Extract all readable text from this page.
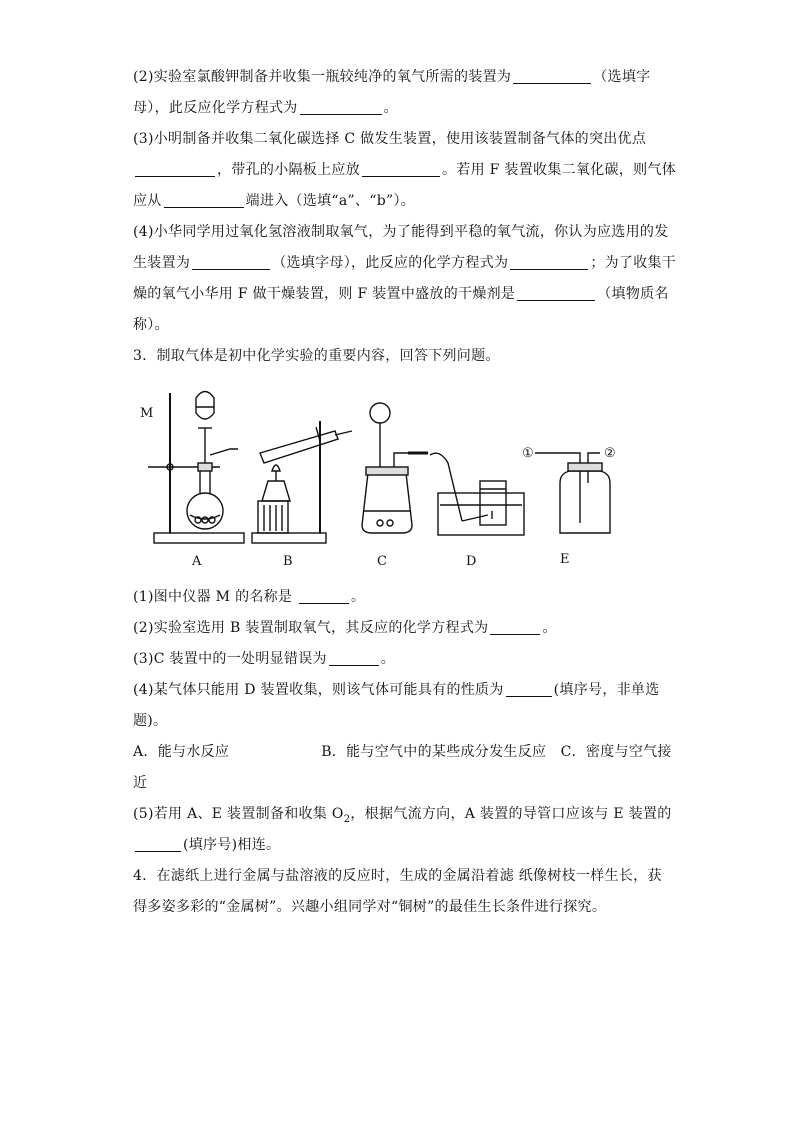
(2)实验室氯酸钾制备并收集一瓶较纯净的氧气所需的装置为	（选填字
母），此反应化学方程式为	。
(3)小明制备并收集二氧化碳选择 C 做发生装置，使用该装置制备气体的突出优点
，带孔的小隔板上应放	。若用 F 装置收集二氧化碳，则气体
应从	端进入（选填“a”、“b”）。
(4)小华同学用过氧化氢溶液制取氧气，为了能得到平稳的氧气流，你认为应选用的发
生装置为	（选填字母），此反应的化学方程式为	；为了收集干
燥的氧气小华用 F 做干燥装置，则 F 装置中盛放的干燥剂是	（填物质名
称）。
3．制取气体是初中化学实验的重要内容，回答下列问题。
M
A	B	C	D	E
①	②
(1)图中仪器 M 的名称是	。
(2)实验室选用 B 装置制取氧气，其反应的化学方程式为	。
(3)C 装置中的一处明显错误为	。
(4)某气体只能用 D 装置收集，则该气体可能具有的性质为	(填序号，非单选
题)。
A．能与水反应	B．能与空气中的某些成分发生反应　C．密度与空气接
近
(5)若用 A、E 装置制备和收集 $O_2$，根据气流方向，A 装置的导管口应该与 E 装置的
(填序号)相连。
4．在滤纸上进行金属与盐溶液的反应时，生成的金属沿着滤 纸像树枝一样生长，获
得多姿多彩的“金属树”。兴趣小组同学对“铜树”的最佳生长条件进行探究。
